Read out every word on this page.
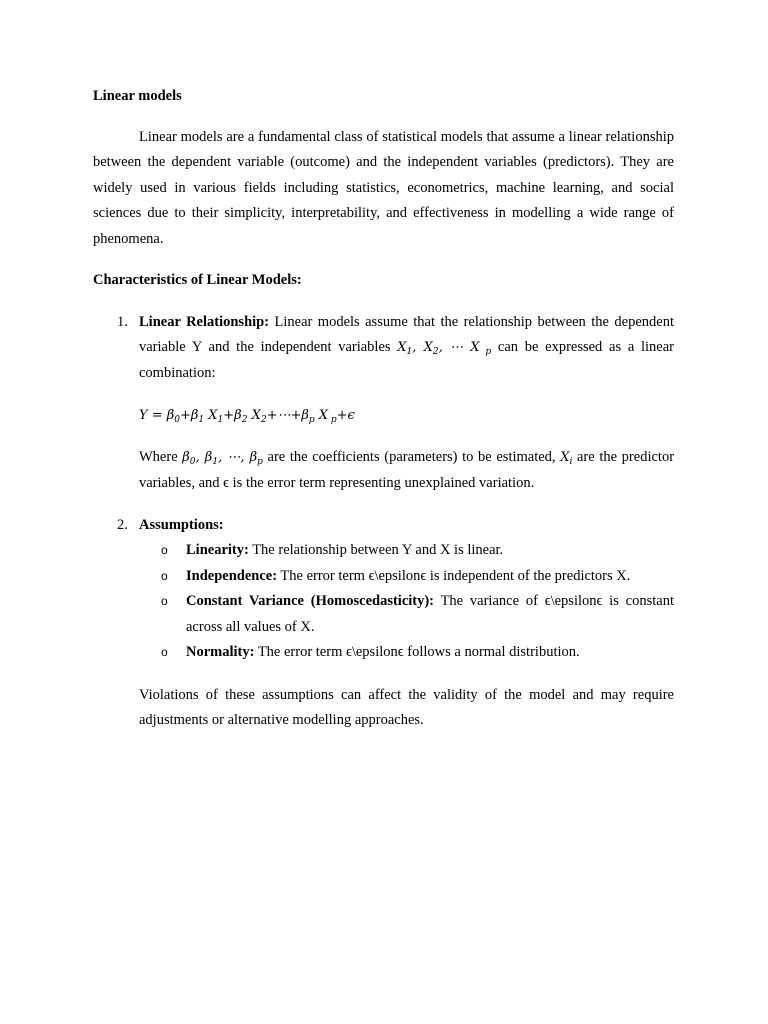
Linear models

Linear models are a fundamental class of statistical models that assume a linear relationship between the dependent variable (outcome) and the independent variables (predictors). They are widely used in various fields including statistics, econometrics, machine learning, and social sciences due to their simplicity, interpretability, and effectiveness in modelling a wide range of phenomena.

Characteristics of Linear Models:

1. Linear Relationship: Linear models assume that the relationship between the dependent variable Y and the independent variables $X_1$, $X_2$, ⋯ X $_p$ can be expressed as a linear combination:

$Y = \beta_0+\beta_1$ $X_1+\beta_2$ $X_2+\cdots+\beta_p$ X $_p$+ϵ

Where $\beta_0$, $\beta_1$, ⋯, $\beta_p$ are the coefficients (parameters) to be estimated, $X_i$ are the predictor variables, and ϵ is the error term representing unexplained variation.

2. Assumptions:

o Linearity: The relationship between Y and X is linear.
o Independence: The error term ϵ\epsilonϵ is independent of the predictors X.
o Constant Variance (Homoscedasticity): The variance of ϵ\epsilonϵ is constant across all values of X.
o Normality: The error term ϵ\epsilonϵ follows a normal distribution.

Violations of these assumptions can affect the validity of the model and may require adjustments or alternative modelling approaches.
